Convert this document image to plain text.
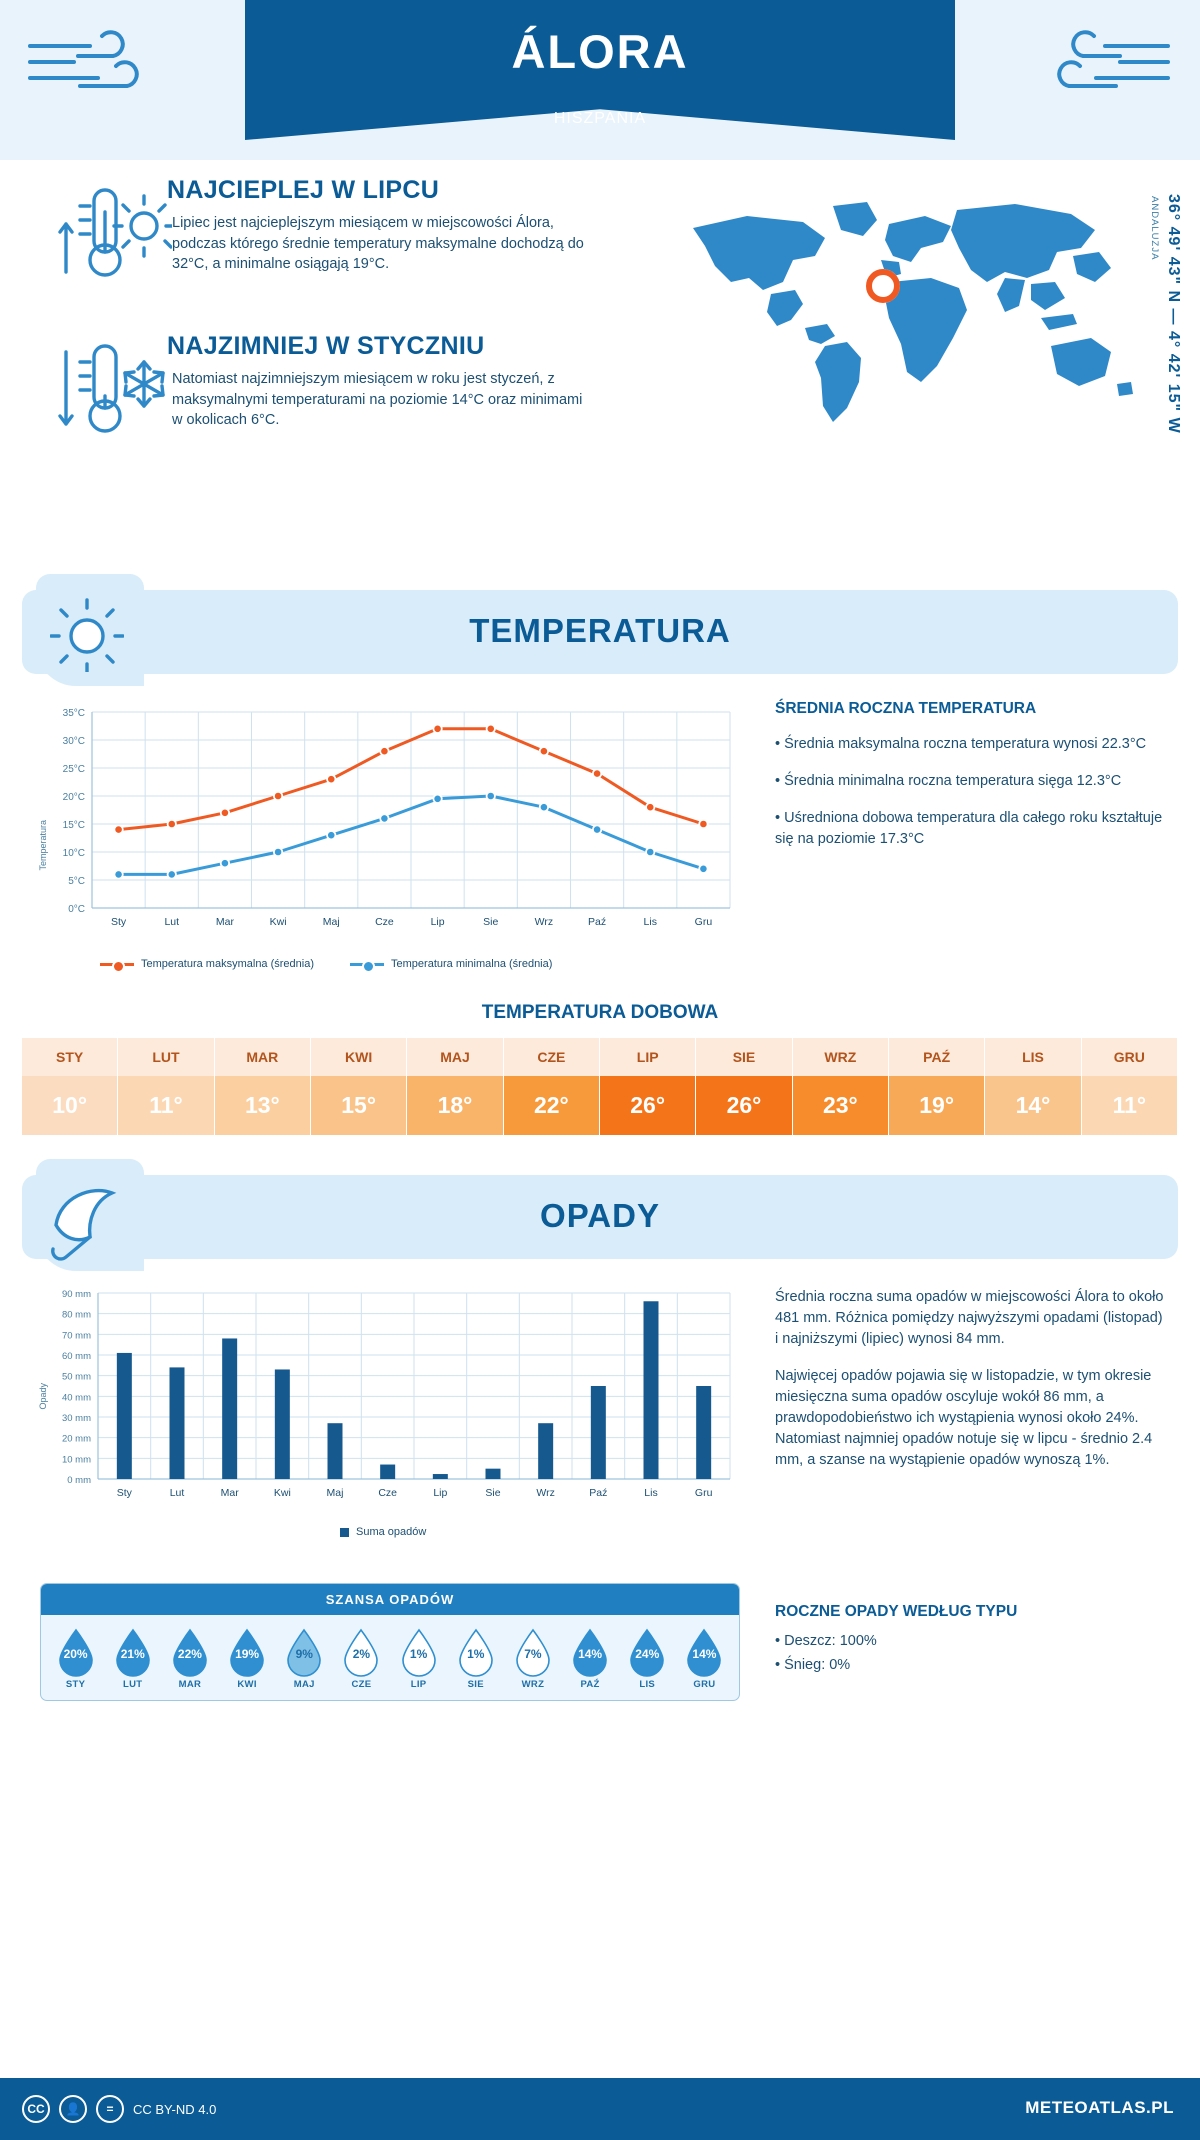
ÁLORA
HISZPANIA
NAJCIEPLEJ W LIPCU

Lipiec jest najcieplejszym miesiącem w miejscowości Álora, podczas którego średnie temperatury maksymalne dochodzą do 32°C, a minimalne osiągają 19°C.

NAJZIMNIEJ W STYCZNIU

Natomiast najzimniejszym miesiącem w roku jest styczeń, z maksymalnymi temperaturami na poziomie 14°C oraz minimami w okolicach 6°C.

ANDALUZJA 36° 49' 43" N — 4° 42' 15" W
TEMPERATURA
Temperatura
0°C
5°C
10°C
15°C
20°C
25°C
30°C
35°C
Sty	Lut	Mar	Kwi	Maj	Cze	Lip	Sie	Wrz	Paź	Lis	Gru
Temperatura maksymalna (średnia)	Temperatura minimalna (średnia)
ŚREDNIA ROCZNA TEMPERATURA

• Średnia maksymalna roczna temperatura wynosi 22.3°C

• Średnia minimalna roczna temperatura sięga 12.3°C

• Uśredniona dobowa temperatura dla całego roku kształtuje się na poziomie 17.3°C

TEMPERATURA DOBOWA
STY	LUT	MAR	KWI	MAJ	CZE	LIP	SIE	WRZ	PAŹ	LIS	GRU
10°	11°	13°	15°	18°	22°	26°	26°	23°	19°	14°	11°
OPADY
Opady
0 mm
10 mm
20 mm
30 mm
40 mm
50 mm
60 mm
70 mm
80 mm
90 mm
Sty	Lut	Mar	Kwi	Maj	Cze	Lip	Sie	Wrz	Paź	Lis	Gru
Suma opadów

Średnia roczna suma opadów w miejscowości Álora to około 481 mm. Różnica pomiędzy najwyższymi opadami (listopad) i najniższymi (lipiec) wynosi 84 mm.

Najwięcej opadów pojawia się w listopadzie, w tym okresie miesięczna suma opadów oscyluje wokół 86 mm, a prawdopodobieństwo ich wystąpienia wynosi około 24%. Natomiast najmniej opadów notuje się w lipcu - średnio 2.4 mm, a szanse na wystąpienie opadów wynoszą 1%.

SZANSA OPADÓW
20%
STY
21%
LUT
22%
MAR
19%
KWI
9%
MAJ
2%
CZE
1%
LIP
1%
SIE
7%
WRZ
14%
PAŹ
24%
LIS
14%
GRU
ROCZNE OPADY WEDŁUG TYPU

• Deszcz: 100%

• Śnieg: 0%

CC	👤	=	CC BY-ND 4.0	METEOATLAS.PL
